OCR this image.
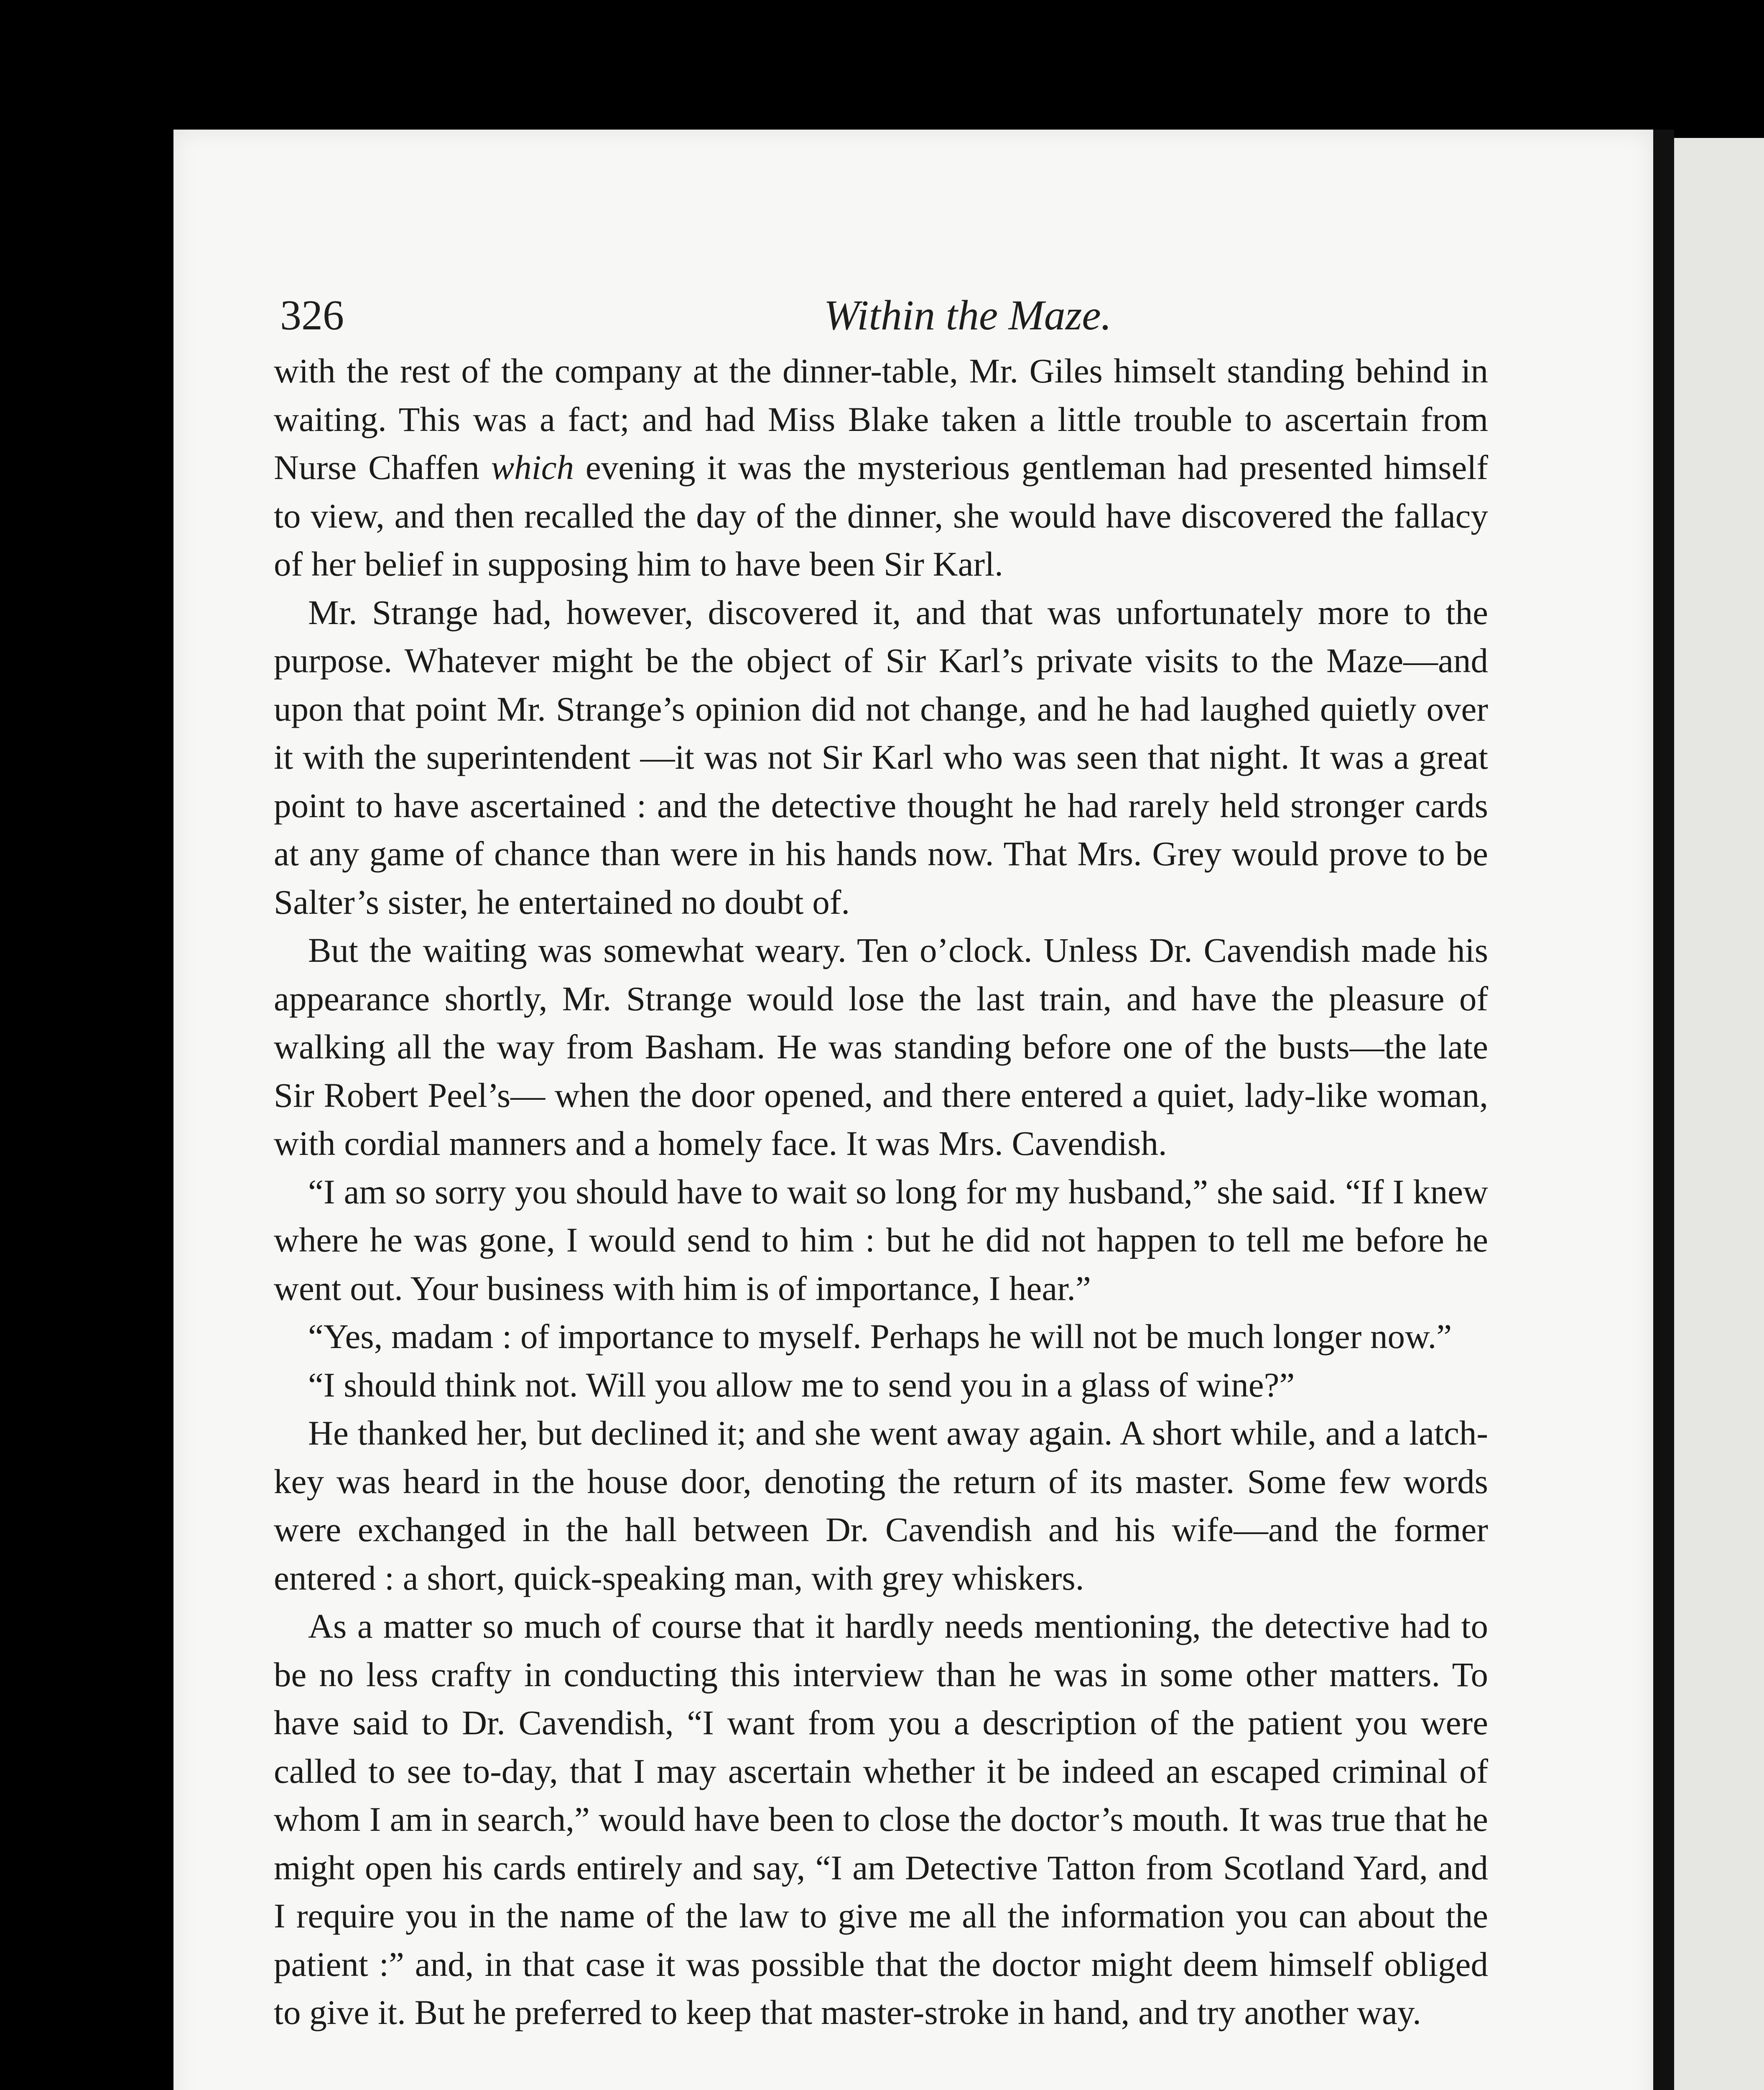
326	Within the Maze.

with the rest of the company at the dinner-table, Mr. Giles himselt standing behind in waiting. This was a fact; and had Miss Blake taken a little trouble to ascertain from Nurse Chaffen which evening it was the mysterious gentleman had presented himself to view, and then recalled the day of the dinner, she would have discovered the fallacy of her belief in supposing him to have been Sir Karl.

Mr. Strange had, however, discovered it, and that was unfortunately more to the purpose. Whatever might be the object of Sir Karl’s private visits to the Maze—and upon that point Mr. Strange’s opinion did not change, and he had laughed quietly over it with the superintendent —it was not Sir Karl who was seen that night. It was a great point to have ascertained : and the detective thought he had rarely held stronger cards at any game of chance than were in his hands now. That Mrs. Grey would prove to be Salter’s sister, he entertained no doubt of.

But the waiting was somewhat weary. Ten o’clock. Unless Dr. Cavendish made his appearance shortly, Mr. Strange would lose the last train, and have the pleasure of walking all the way from Basham. He was standing before one of the busts—the late Sir Robert Peel’s— when the door opened, and there entered a quiet, lady-like woman, with cordial manners and a homely face. It was Mrs. Cavendish.

“I am so sorry you should have to wait so long for my husband,” she said. “If I knew where he was gone, I would send to him : but he did not happen to tell me before he went out. Your business with him is of importance, I hear.”

“Yes, madam : of importance to myself. Perhaps he will not be much longer now.”

“I should think not. Will you allow me to send you in a glass of wine?”

He thanked her, but declined it; and she went away again. A short while, and a latch-key was heard in the house door, denoting the return of its master. Some few words were exchanged in the hall between Dr. Cavendish and his wife—and the former entered : a short, quick-speaking man, with grey whiskers.

As a matter so much of course that it hardly needs mentioning, the detective had to be no less crafty in conducting this interview than he was in some other matters. To have said to Dr. Cavendish, “I want from you a description of the patient you were called to see to-day, that I may ascertain whether it be indeed an escaped criminal of whom I am in search,” would have been to close the doctor’s mouth. It was true that he might open his cards entirely and say, “I am Detective Tatton from Scotland Yard, and I require you in the name of the law to give me all the information you can about the patient :” and, in that case it was possible that the doctor might deem himself obliged to give it. But he preferred to keep that master-stroke in hand, and try another way.
